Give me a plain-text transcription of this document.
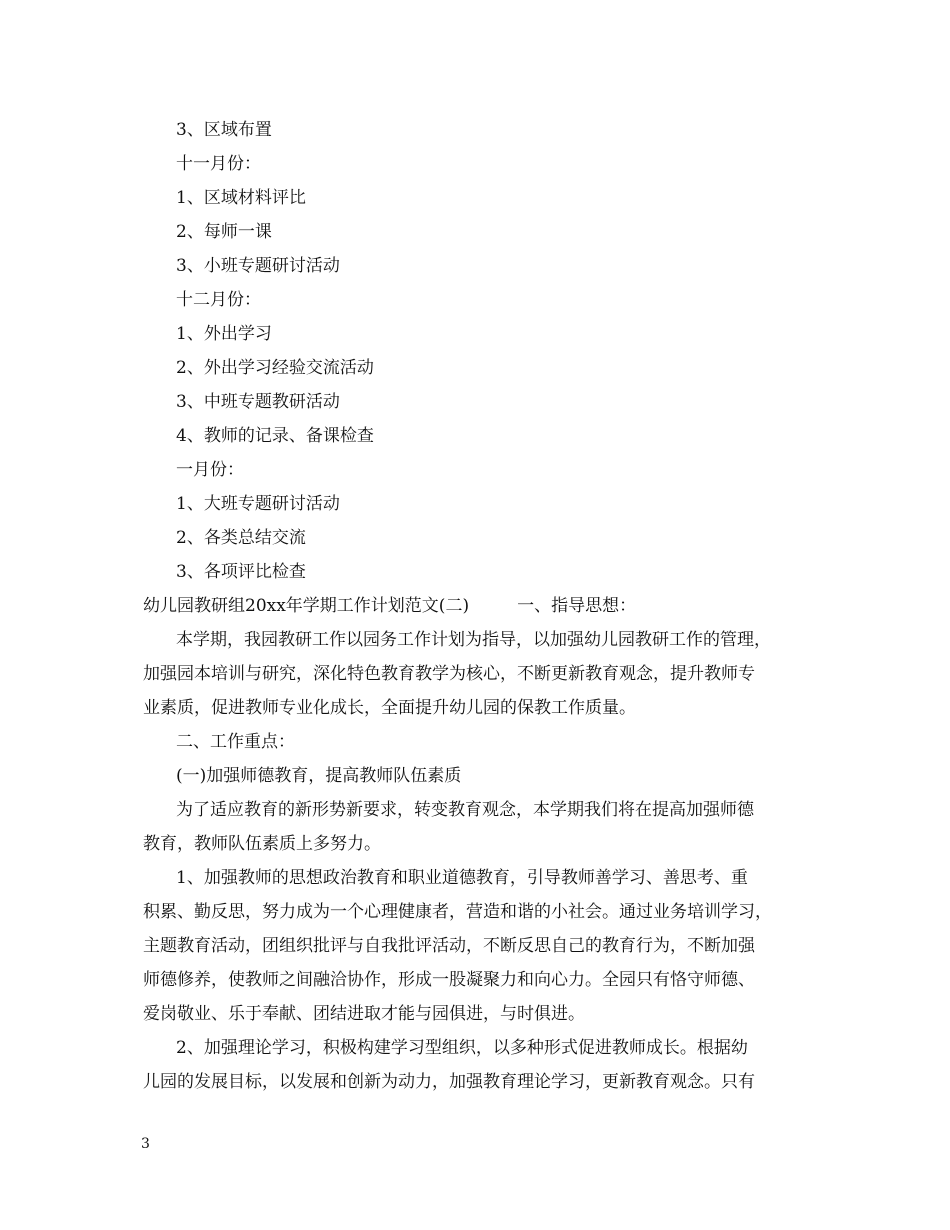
3、区域布置

十一月份：

1、区域材料评比

2、每师一课

3、小班专题研讨活动

十二月份：

1、外出学习

2、外出学习经验交流活动

3、中班专题教研活动

4、教师的记录、备课检查

一月份：

1、大班专题研讨活动

2、各类总结交流

3、各项评比检查

幼儿园教研组20xx年学期工作计划范文(二)	一、指导思想：

本学期，我园教研工作以园务工作计划为指导，以加强幼儿园教研工作的管理，

加强园本培训与研究，深化特色教育教学为核心，不断更新教育观念，提升教师专

业素质，促进教师专业化成长，全面提升幼儿园的保教工作质量。

二、工作重点：

(一)加强师德教育，提高教师队伍素质

为了适应教育的新形势新要求，转变教育观念，本学期我们将在提高加强师德

教育，教师队伍素质上多努力。

1、加强教师的思想政治教育和职业道德教育，引导教师善学习、善思考、重

积累、勤反思，努力成为一个心理健康者，营造和谐的小社会。通过业务培训学习，

主题教育活动，团组织批评与自我批评活动，不断反思自己的教育行为，不断加强

师德修养，使教师之间融洽协作，形成一股凝聚力和向心力。全园只有恪守师德、

爱岗敬业、乐于奉献、团结进取才能与园俱进，与时俱进。

2、加强理论学习，积极构建学习型组织，以多种形式促进教师成长。根据幼

儿园的发展目标，以发展和创新为动力，加强教育理论学习，更新教育观念。只有

3
